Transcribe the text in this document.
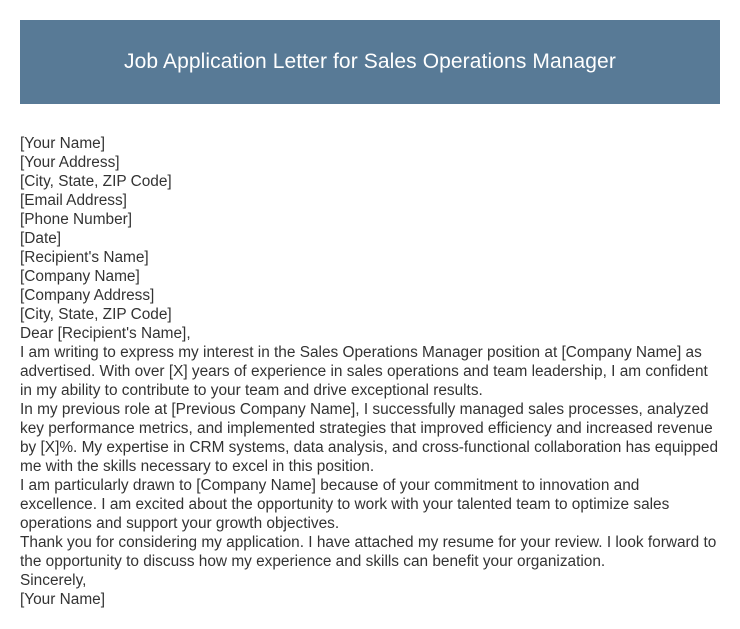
Job Application Letter for Sales Operations Manager
[Your Name]
[Your Address]
[City, State, ZIP Code]
[Email Address]
[Phone Number]
[Date]
[Recipient's Name]
[Company Name]
[Company Address]
[City, State, ZIP Code]
Dear [Recipient's Name],

I am writing to express my interest in the Sales Operations Manager position at [Company Name] as advertised. With over [X] years of experience in sales operations and team leadership, I am confident in my ability to contribute to your team and drive exceptional results.

In my previous role at [Previous Company Name], I successfully managed sales processes, analyzed key performance metrics, and implemented strategies that improved efficiency and increased revenue by [X]%. My expertise in CRM systems, data analysis, and cross-functional collaboration has equipped me with the skills necessary to excel in this position.

I am particularly drawn to [Company Name] because of your commitment to innovation and excellence. I am excited about the opportunity to work with your talented team to optimize sales operations and support your growth objectives.

Thank you for considering my application. I have attached my resume for your review. I look forward to the opportunity to discuss how my experience and skills can benefit your organization.

Sincerely,
[Your Name]
